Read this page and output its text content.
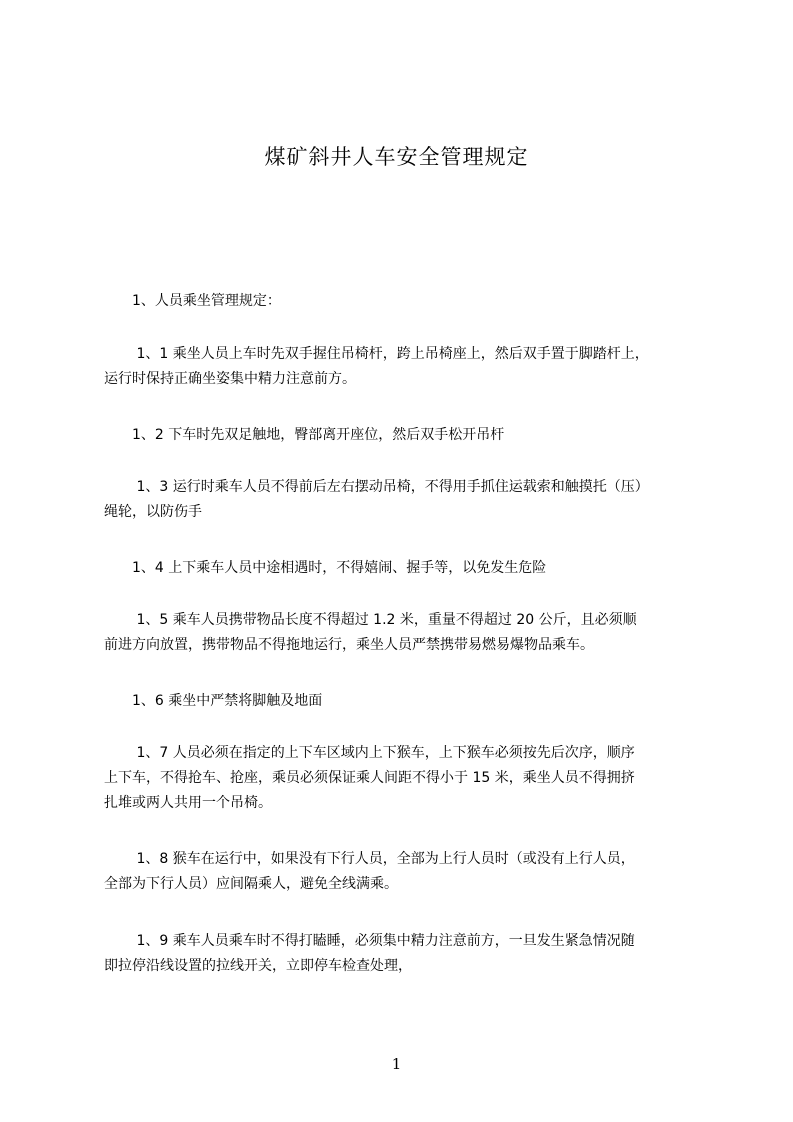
煤矿斜井人车安全管理规定
　　1、人员乘坐管理规定：
　　 1、1 乘坐人员上车时先双手握住吊椅杆，跨上吊椅座上，然后双手置于脚踏杆上，
运行时保持正确坐姿集中精力注意前方。
　　1、2 下车时先双足触地，臀部离开座位，然后双手松开吊杆
　　 1、3 运行时乘车人员不得前后左右摆动吊椅，不得用手抓住运载索和触摸托（压）
绳轮，以防伤手
　　1、4 上下乘车人员中途相遇时，不得嬉闹、握手等，以免发生危险
　　 1、5 乘车人员携带物品长度不得超过 1.2 米，重量不得超过 20 公斤，且必须顺
前进方向放置，携带物品不得拖地运行，乘坐人员严禁携带易燃易爆物品乘车。
　　1、6 乘坐中严禁将脚触及地面
　　 1、7 人员必须在指定的上下车区域内上下猴车，上下猴车必须按先后次序，顺序
上下车，不得抢车、抢座，乘员必须保证乘人间距不得小于 15 米，乘坐人员不得拥挤
扎堆或两人共用一个吊椅。
　　 1、8 猴车在运行中，如果没有下行人员，全部为上行人员时（或没有上行人员，
全部为下行人员）应间隔乘人，避免全线满乘。
　　 1、9 乘车人员乘车时不得打瞌睡，必须集中精力注意前方，一旦发生紧急情况随
即拉停沿线设置的拉线开关，立即停车检查处理，
1
